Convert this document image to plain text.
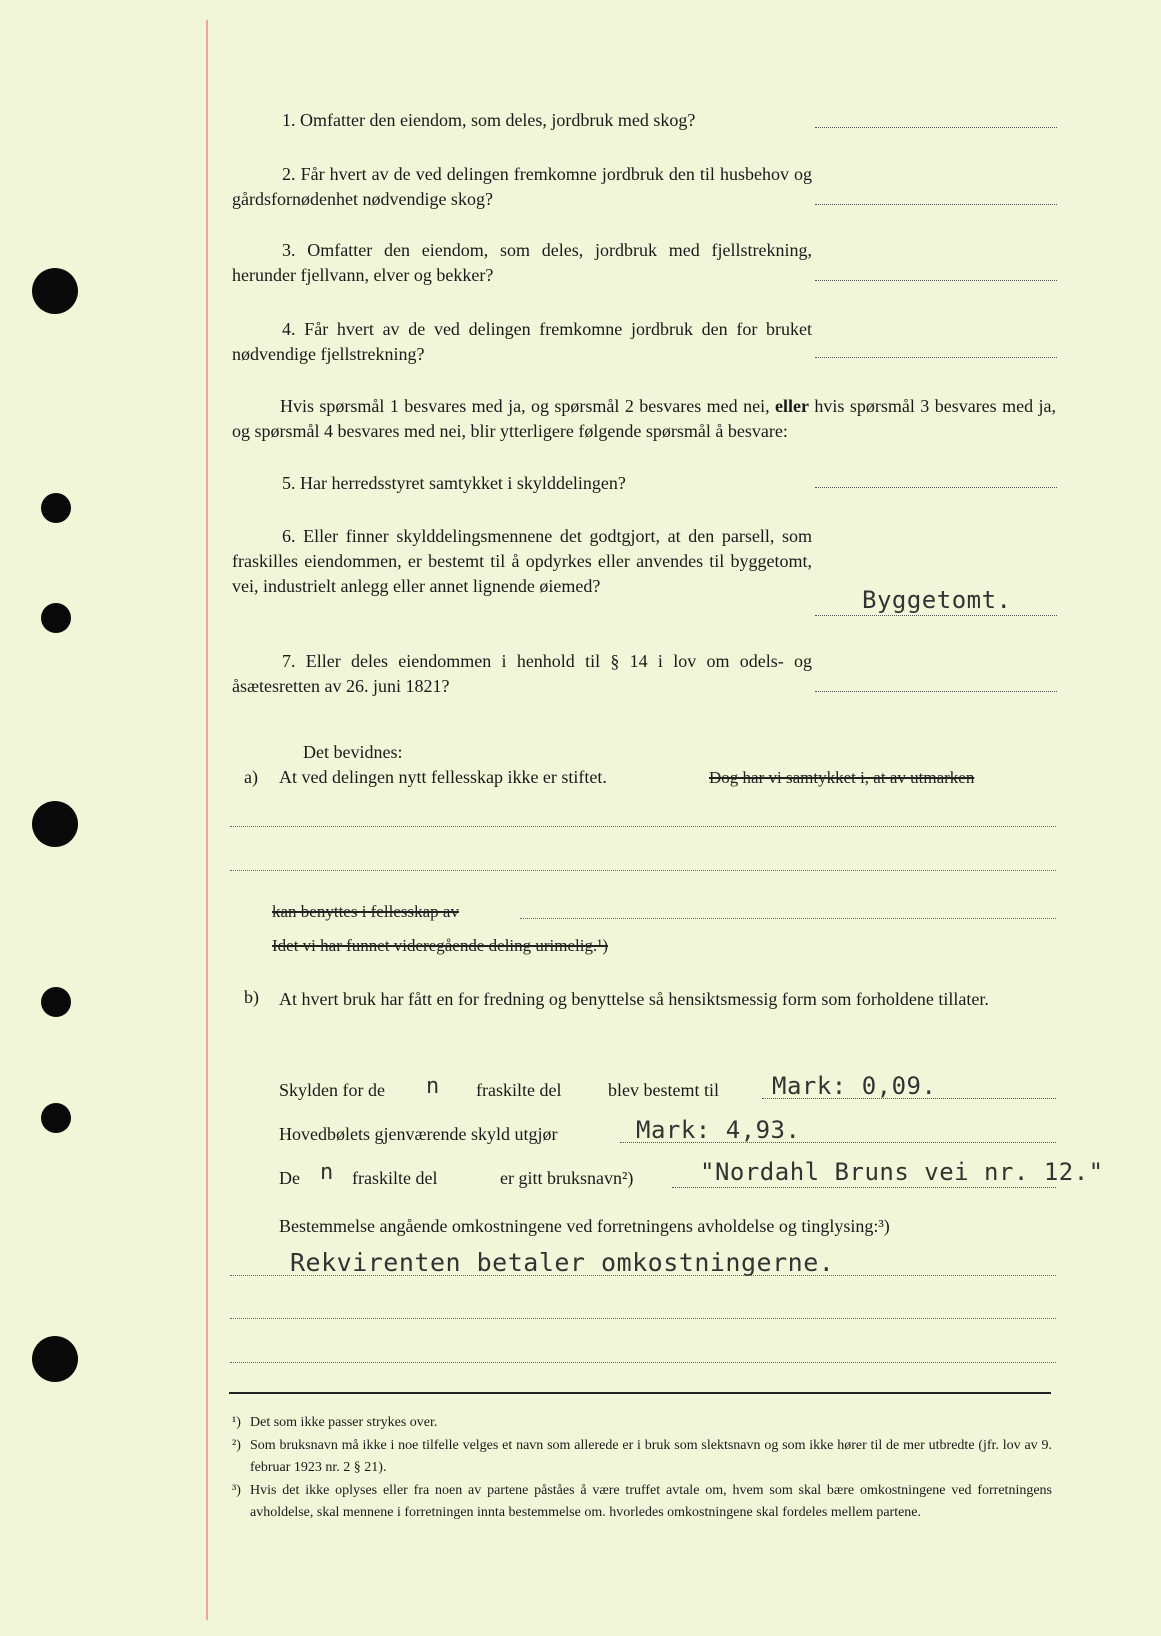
1. Omfatter den eiendom, som deles, jordbruk med skog?
2. Får hvert av de ved delingen fremkomne jordbruk den til husbehov og gårdsfornødenhet nødvendige skog?
3. Omfatter den eiendom, som deles, jordbruk med fjellstrekning, herunder fjellvann, elver og bekker?
4. Får hvert av de ved delingen fremkomne jordbruk den for bruket nødvendige fjellstrekning?
Hvis spørsmål 1 besvares med ja, og spørsmål 2 besvares med nei, eller hvis spørsmål 3 besvares med ja, og spørsmål 4 besvares med nei, blir ytterligere følgende spørsmål å besvare:
5. Har herredsstyret samtykket i skylddelingen?
6. Eller finner skylddelingsmennene det godtgjort, at den parsell, som fraskilles eiendommen, er bestemt til å opdyrkes eller anvendes til byggetomt, vei, industrielt anlegg eller annet lignende øiemed?	Byggetomt.
7. Eller deles eiendommen i henhold til § 14 i lov om odels- og åsætesretten av 26. juni 1821?
Det bevidnes:
a) At ved delingen nytt fellesskap ikke er stiftet.	Dog har vi samtykket i, at av utmarken
kan benyttes i fellesskap av
Idet vi har funnet videregående deling urimelig.¹)
b) At hvert bruk har fått en for fredning og benyttelse så hensiktsmessig form som forholdene tillater.
Skylden for de n fraskilte del	blev bestemt til Mark: 0,09.
Hovedbølets gjenværende skyld utgjør	Mark: 4,93.
De n fraskilte del	er gitt bruksnavn²)	"Nordahl Bruns vei nr. 12."
Bestemmelse angående omkostningene ved forretningens avholdelse og tinglysing:³)
Rekvirenten betaler omkostningerne.
¹) Det som ikke passer strykes over.
²) Som bruksnavn må ikke i noe tilfelle velges et navn som allerede er i bruk som slektsnavn og som ikke hører til de mer utbredte (jfr. lov av 9. februar 1923 nr. 2 § 21).
³) Hvis det ikke oplyses eller fra noen av partene påståes å være truffet avtale om, hvem som skal bære omkostningene ved forretningens avholdelse, skal mennene i forretningen innta bestemmelse om. hvorledes omkostningene skal fordeles mellem partene.
